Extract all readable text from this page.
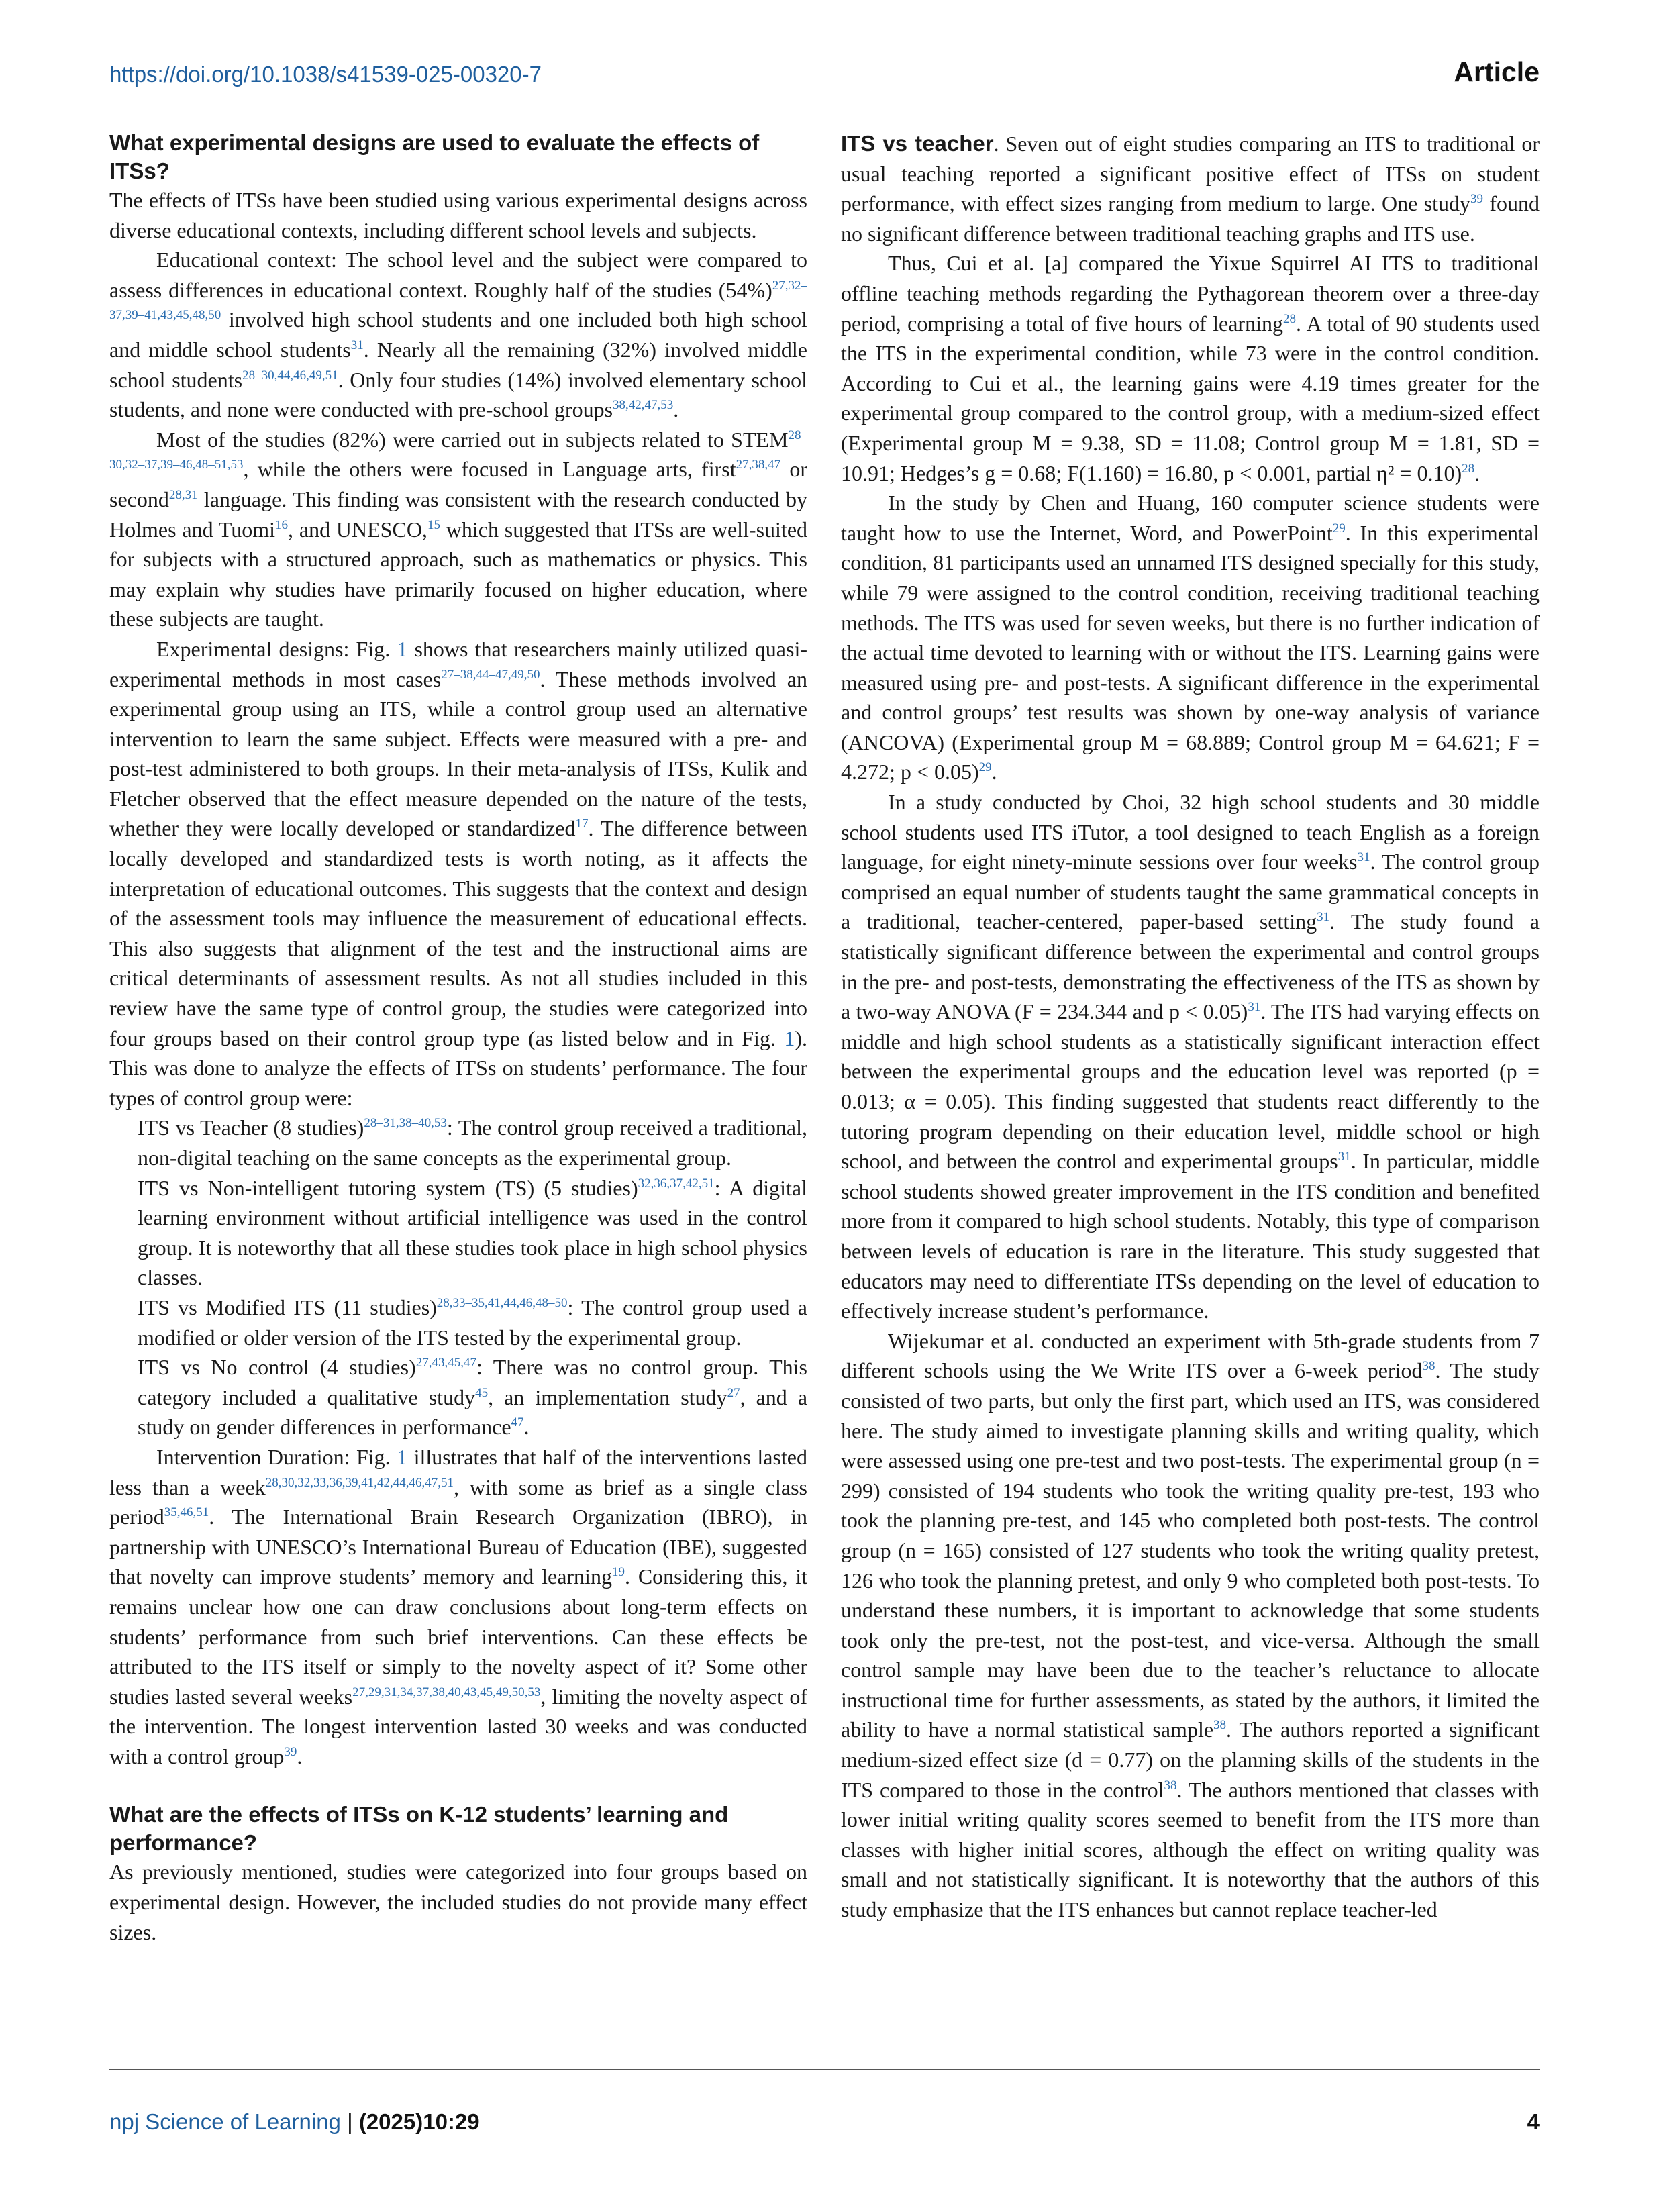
https://doi.org/10.1038/s41539-025-00320-7	Article
What experimental designs are used to evaluate the effects of ITSs?

The effects of ITSs have been studied using various experimental designs across diverse educational contexts, including different school levels and subjects.

Educational context: The school level and the subject were compared to assess differences in educational context. Roughly half of the studies (54%)$^{27,32-37,39-41,43,45,48,50}$ involved high school students and one included both high school and middle school students$^{31}$. Nearly all the remaining (32%) involved middle school students$^{28-30,44,46,49,51}$. Only four studies (14%) involved elementary school students, and none were conducted with pre-school groups$^{38,42,47,53}$.

Most of the studies (82%) were carried out in subjects related to STEM$^{28-30,32-37,39-46,48-51,53}$, while the others were focused in Language arts, first$^{27,38,47}$ or second$^{28,31}$ language. This finding was consistent with the research conducted by Holmes and Tuomi$^{16}$, and UNESCO,$^{15}$ which suggested that ITSs are well-suited for subjects with a structured approach, such as mathematics or physics. This may explain why studies have primarily focused on higher education, where these subjects are taught.

Experimental designs: Fig. 1 shows that researchers mainly utilized quasi-experimental methods in most cases$^{27-38,44-47,49,50}$. These methods involved an experimental group using an ITS, while a control group used an alternative intervention to learn the same subject. Effects were measured with a pre- and post-test administered to both groups. In their meta-analysis of ITSs, Kulik and Fletcher observed that the effect measure depended on the nature of the tests, whether they were locally developed or standardized$^{17}$. The difference between locally developed and standardized tests is worth noting, as it affects the interpretation of educational outcomes. This suggests that the context and design of the assessment tools may influence the measurement of educational effects. This also suggests that alignment of the test and the instructional aims are critical determinants of assessment results. As not all studies included in this review have the same type of control group, the studies were categorized into four groups based on their control group type (as listed below and in Fig. 1). This was done to analyze the effects of ITSs on students’ performance. The four types of control group were:

ITS vs Teacher (8 studies)$^{28-31,38-40,53}$: The control group received a traditional, non-digital teaching on the same concepts as the experimental group.

ITS vs Non-intelligent tutoring system (TS) (5 studies)$^{32,36,37,42,51}$: A digital learning environment without artificial intelligence was used in the control group. It is noteworthy that all these studies took place in high school physics classes.

ITS vs Modified ITS (11 studies)$^{28,33-35,41,44,46,48-50}$: The control group used a modified or older version of the ITS tested by the experimental group.

ITS vs No control (4 studies)$^{27,43,45,47}$: There was no control group. This category included a qualitative study$^{45}$, an implementation study$^{27}$, and a study on gender differences in performance$^{47}$.

Intervention Duration: Fig. 1 illustrates that half of the interventions lasted less than a week$^{28,30,32,33,36,39,41,42,44,46,47,51}$, with some as brief as a single class period$^{35,46,51}$. The International Brain Research Organization (IBRO), in partnership with UNESCO’s International Bureau of Education (IBE), suggested that novelty can improve students’ memory and learning$^{19}$. Considering this, it remains unclear how one can draw conclusions about long-term effects on students’ performance from such brief interventions. Can these effects be attributed to the ITS itself or simply to the novelty aspect of it? Some other studies lasted several weeks$^{27,29,31,34,37,38,40,43,45,49,50,53}$, limiting the novelty aspect of the intervention. The longest intervention lasted 30 weeks and was conducted with a control group$^{39}$.

What are the effects of ITSs on K-12 students’ learning and performance?

As previously mentioned, studies were categorized into four groups based on experimental design. However, the included studies do not provide many effect sizes.

ITS vs teacher. Seven out of eight studies comparing an ITS to traditional or usual teaching reported a significant positive effect of ITSs on student performance, with effect sizes ranging from medium to large. One study$^{39}$ found no significant difference between traditional teaching graphs and ITS use.

Thus, Cui et al. [a] compared the Yixue Squirrel AI ITS to traditional offline teaching methods regarding the Pythagorean theorem over a three-day period, comprising a total of five hours of learning$^{28}$. A total of 90 students used the ITS in the experimental condition, while 73 were in the control condition. According to Cui et al., the learning gains were 4.19 times greater for the experimental group compared to the control group, with a medium-sized effect (Experimental group M = 9.38, SD = 11.08; Control group M = 1.81, SD = 10.91; Hedges’s g = 0.68; F(1.160) = 16.80, p < 0.001, partial η² = 0.10)$^{28}$.

In the study by Chen and Huang, 160 computer science students were taught how to use the Internet, Word, and PowerPoint$^{29}$. In this experimental condition, 81 participants used an unnamed ITS designed specially for this study, while 79 were assigned to the control condition, receiving traditional teaching methods. The ITS was used for seven weeks, but there is no further indication of the actual time devoted to learning with or without the ITS. Learning gains were measured using pre- and post-tests. A significant difference in the experimental and control groups’ test results was shown by one-way analysis of variance (ANCOVA) (Experimental group M = 68.889; Control group M = 64.621; F = 4.272; p < 0.05)$^{29}$.

In a study conducted by Choi, 32 high school students and 30 middle school students used ITS iTutor, a tool designed to teach English as a foreign language, for eight ninety-minute sessions over four weeks$^{31}$. The control group comprised an equal number of students taught the same grammatical concepts in a traditional, teacher-centered, paper-based setting$^{31}$. The study found a statistically significant difference between the experimental and control groups in the pre- and post-tests, demonstrating the effectiveness of the ITS as shown by a two-way ANOVA (F = 234.344 and p < 0.05)$^{31}$. The ITS had varying effects on middle and high school students as a statistically significant interaction effect between the experimental groups and the education level was reported (p = 0.013; α = 0.05). This finding suggested that students react differently to the tutoring program depending on their education level, middle school or high school, and between the control and experimental groups$^{31}$. In particular, middle school students showed greater improvement in the ITS condition and benefited more from it compared to high school students. Notably, this type of comparison between levels of education is rare in the literature. This study suggested that educators may need to differentiate ITSs depending on the level of education to effectively increase student’s performance.

Wijekumar et al. conducted an experiment with 5th-grade students from 7 different schools using the We Write ITS over a 6-week period$^{38}$. The study consisted of two parts, but only the first part, which used an ITS, was considered here. The study aimed to investigate planning skills and writing quality, which were assessed using one pre-test and two post-tests. The experimental group (n = 299) consisted of 194 students who took the writing quality pre-test, 193 who took the planning pre-test, and 145 who completed both post-tests. The control group (n = 165) consisted of 127 students who took the writing quality pretest, 126 who took the planning pretest, and only 9 who completed both post-tests. To understand these numbers, it is important to acknowledge that some students took only the pre-test, not the post-test, and vice-versa. Although the small control sample may have been due to the teacher’s reluctance to allocate instructional time for further assessments, as stated by the authors, it limited the ability to have a normal statistical sample$^{38}$. The authors reported a significant medium-sized effect size (d = 0.77) on the planning skills of the students in the ITS compared to those in the control$^{38}$. The authors mentioned that classes with lower initial writing quality scores seemed to benefit from the ITS more than classes with higher initial scores, although the effect on writing quality was small and not statistically significant. It is noteworthy that the authors of this study emphasize that the ITS enhances but cannot replace teacher-led

npj Science of Learning | (2025)10:29	4
